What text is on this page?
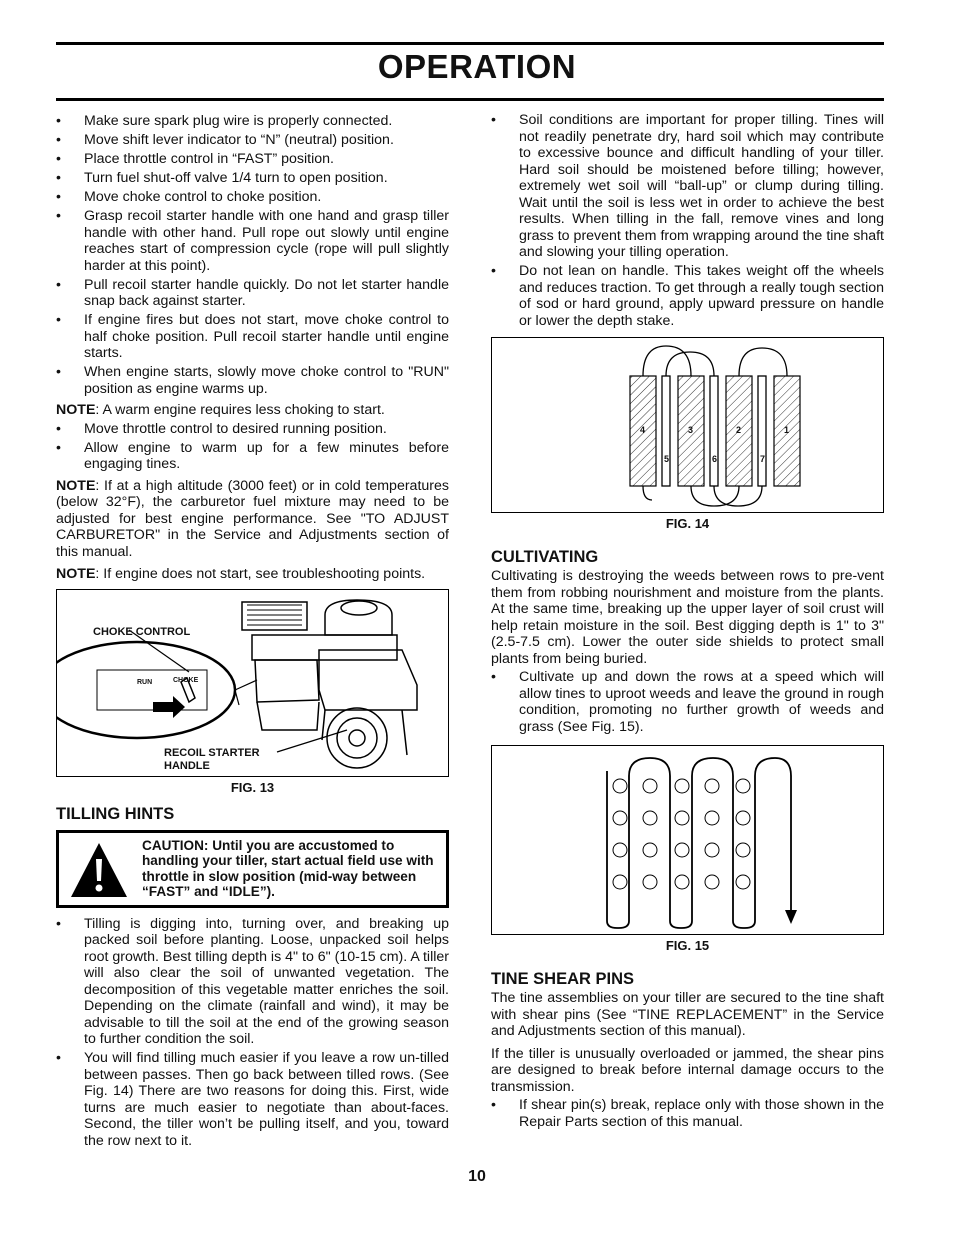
OPERATION
• Make sure spark plug wire is properly connected.
• Move shift lever indicator to “N” (neutral) position.
• Place throttle control in “FAST” position.
• Turn fuel shut-off valve 1/4 turn to open position.
• Move choke control to choke position.
• Grasp recoil starter handle with one hand and grasp tiller handle with other hand. Pull rope out slowly until engine reaches start of compression cycle (rope will pull slightly harder at this point).
• Pull recoil starter handle quickly. Do not let starter handle snap back against starter.
• If engine fires but does not start, move choke control to half choke position. Pull recoil starter handle until engine starts.
• When engine starts, slowly move choke control to "RUN" position as engine warms up.

NOTE: A warm engine requires less choking to start.

• Move throttle control to desired running position.
• Allow engine to warm up for a few minutes before engaging tines.

NOTE: If at a high altitude (3000 feet) or in cold temperatures (below 32°F), the carburetor fuel mixture may need to be adjusted for best engine performance. See "TO ADJUST CARBURETOR" in the Service and Adjustments section of this manual.

NOTE: If engine does not start, see troubleshooting points.

CHOKE CONTROL
RUN	CHOKE
RECOIL STARTER
HANDLE
FIG. 13
TILLING HINTS
CAUTION: Until you are accustomed to handling your tiller, start actual field use with throttle in slow position (mid-way between “FAST” and “IDLE”).
• Tilling is digging into, turning over, and breaking up packed soil before planting. Loose, unpacked soil helps root growth. Best tilling depth is 4" to 6" (10-15 cm). A tiller will also clear the soil of unwanted vegetation. The decomposition of this vegetable matter enriches the soil. Depending on the climate (rainfall and wind), it may be advisable to till the soil at the end of the growing season to further condition the soil.
• You will find tilling much easier if you leave a row un-tilled between passes. Then go back between tilled rows. (See Fig. 14) There are two reasons for doing this. First, wide turns are much easier to negotiate than about-faces. Second, the tiller won’t be pulling itself, and you, toward the row next to it.
• Soil conditions are important for proper tilling. Tines will not readily penetrate dry, hard soil which may contribute to excessive bounce and difficult handling of your tiller. Hard soil should be moistened before tilling; however, extremely wet soil will “ball-up” or clump during tilling. Wait until the soil is less wet in order to achieve the best results. When tilling in the fall, remove vines and long grass to prevent them from wrapping around the tine shaft and slowing your tilling operation.
• Do not lean on handle. This takes weight off the wheels and reduces traction. To get through a really tough section of sod or hard ground, apply upward pressure on handle or lower the depth stake.
4	3	2	1
5	6	7
FIG. 14
CULTIVATING

Cultivating is destroying the weeds between rows to pre-vent them from robbing nourishment and moisture from the plants. At the same time, breaking up the upper layer of soil crust will help retain moisture in the soil. Best digging depth is 1" to 3" (2.5-7.5 cm). Lower the outer side shields to protect small plants from being buried.

• Cultivate up and down the rows at a speed which will allow tines to uproot weeds and leave the ground in rough condition, promoting no further growth of weeds and grass (See Fig. 15).
FIG. 15
TINE SHEAR PINS

The tine assemblies on your tiller are secured to the tine shaft with shear pins (See “TINE REPLACEMENT” in the Service and Adjustments section of this manual).

If the tiller is unusually overloaded or jammed, the shear pins are designed to break before internal damage occurs to the transmission.

• If shear pin(s) break, replace only with those shown in the Repair Parts section of this manual.
10
